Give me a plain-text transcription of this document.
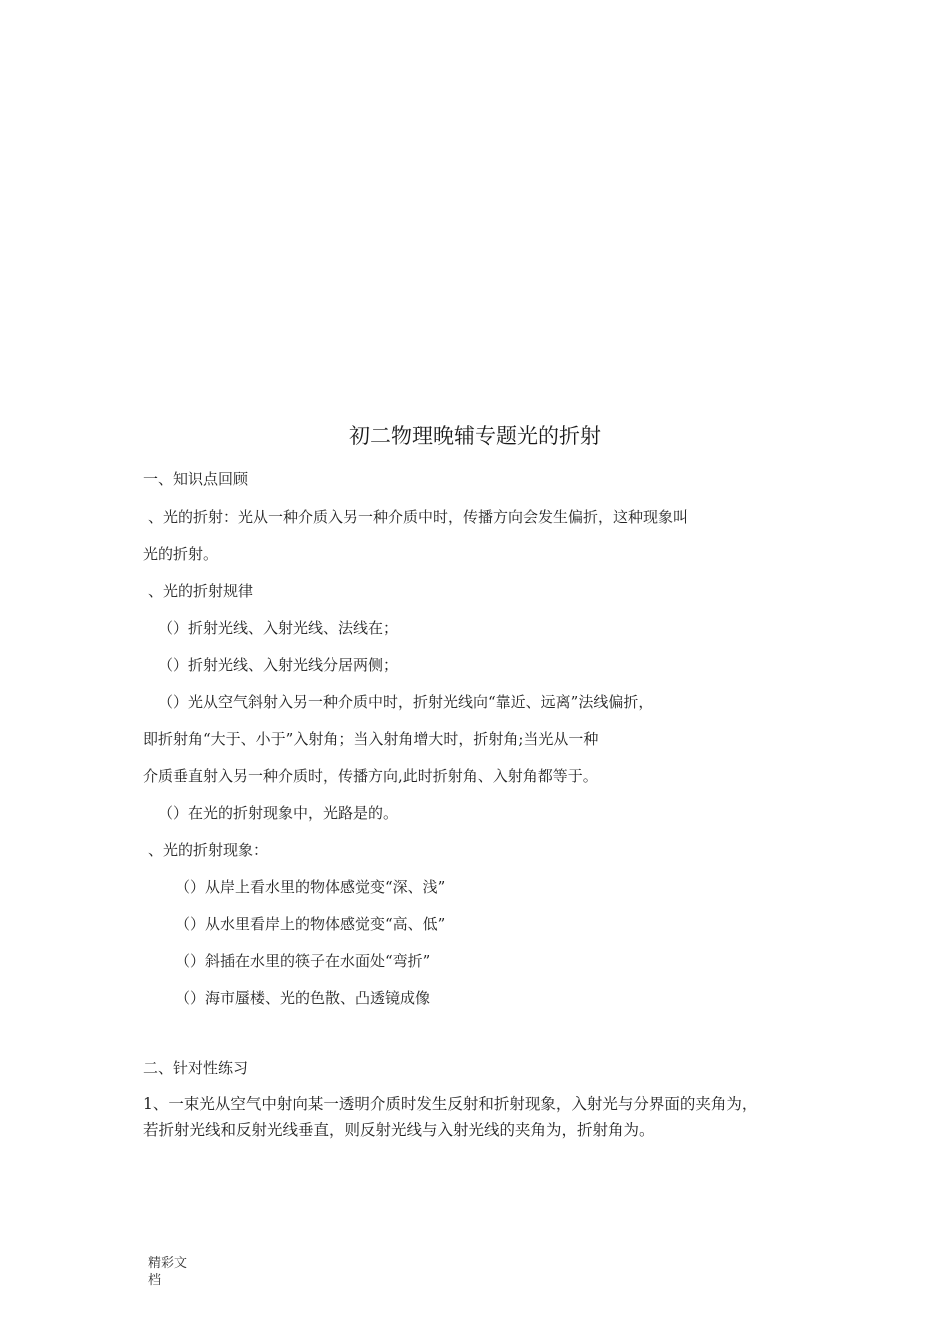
初二物理晚辅专题光的折射
一、知识点回顾
、光的折射：光从一种介质入另一种介质中时，传播方向会发生偏折，这种现象叫
光的折射。
、光的折射规律
（）折射光线、入射光线、法线在；
（）折射光线、入射光线分居两侧；
（）光从空气斜射入另一种介质中时，折射光线向“靠近、远离”法线偏折，
即折射角“大于、小于”入射角；当入射角增大时，折射角;当光从一种
介质垂直射入另一种介质时，传播方向,此时折射角、入射角都等于。
（）在光的折射现象中，光路是的。
、光的折射现象：
（）从岸上看水里的物体感觉变“深、浅”
（）从水里看岸上的物体感觉变“高、低”
（）斜插在水里的筷子在水面处“弯折”
（）海市蜃楼、光的色散、凸透镜成像
二、针对性练习
1、一束光从空气中射向某一透明介质时发生反射和折射现象，入射光与分界面的夹角为，
若折射光线和反射光线垂直，则反射光线与入射光线的夹角为，折射角为。
精彩文
档
